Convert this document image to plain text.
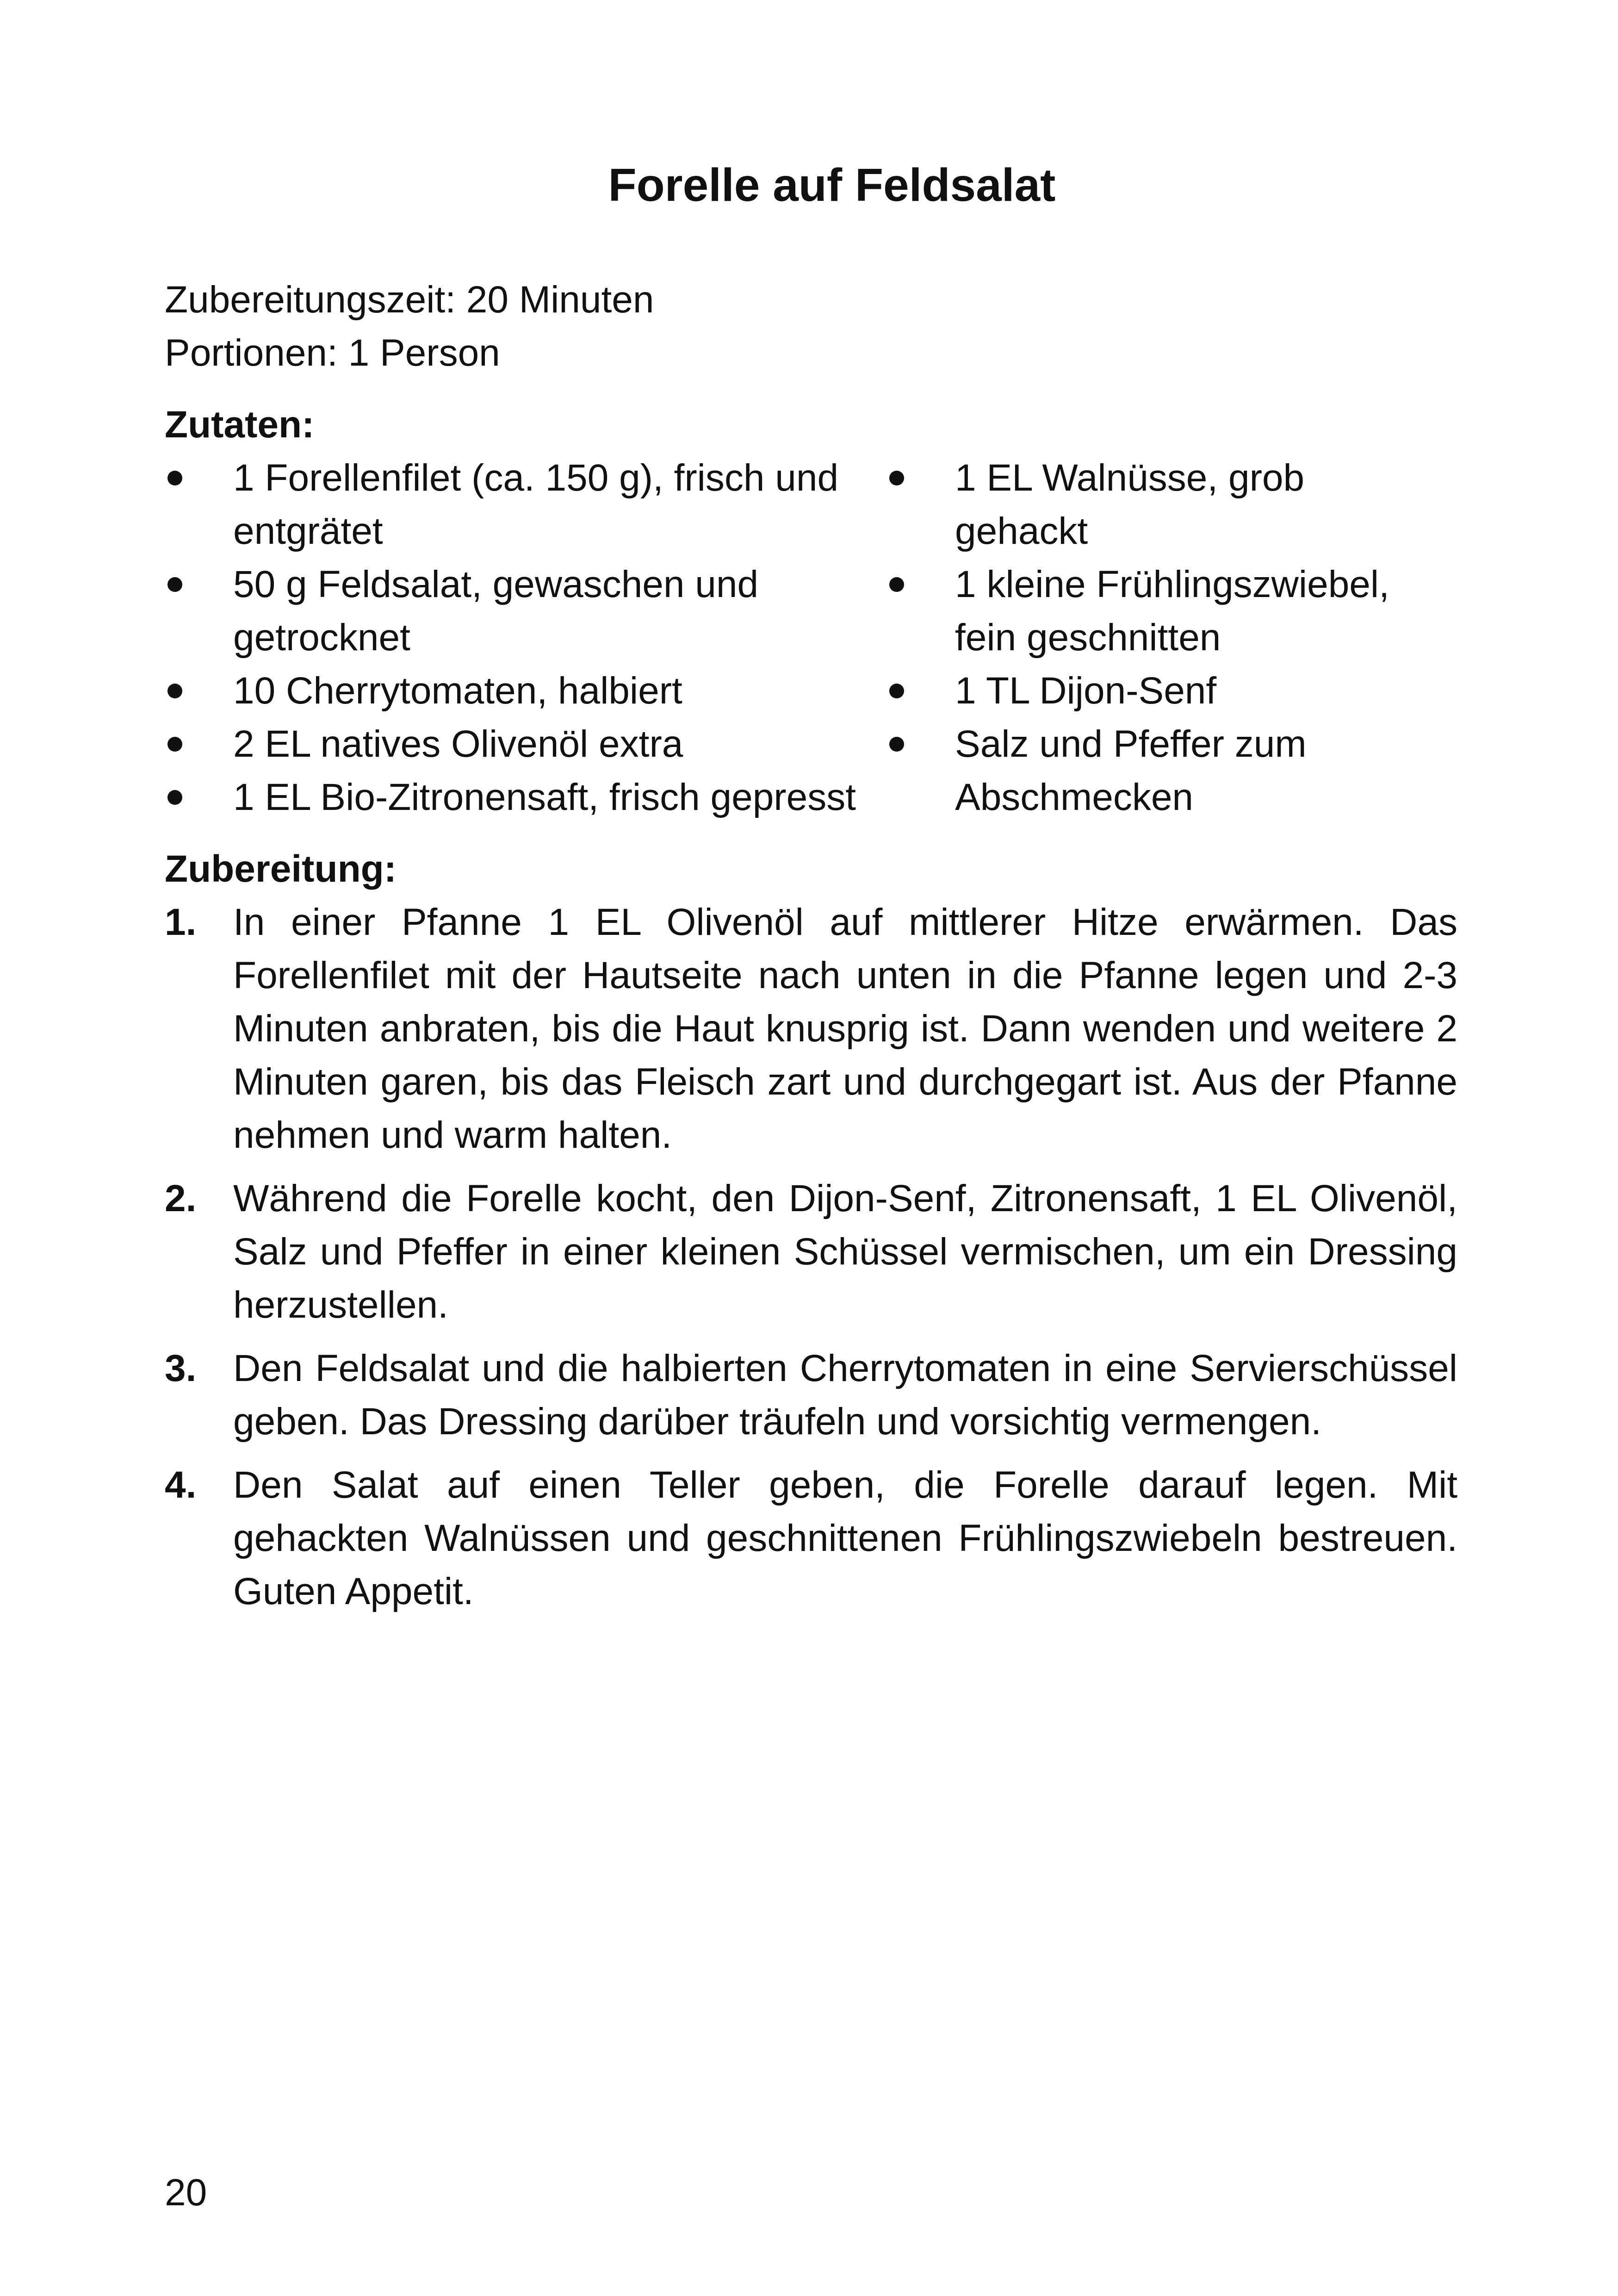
Forelle auf Feldsalat
Zubereitungszeit: 20 Minuten
Portionen: 1 Person
Zutaten:
1 Forellenfilet (ca. 150 g), frisch und entgrätet
50 g Feldsalat, gewaschen und getrocknet
10 Cherrytomaten, halbiert
2 EL natives Olivenöl extra
1 EL Bio-Zitronensaft, frisch gepresst
1 EL Walnüsse, grob gehackt
1 kleine Frühlingszwiebel, fein geschnitten
1 TL Dijon-Senf
Salz und Pfeffer zum Abschmecken
Zubereitung:
1. In einer Pfanne 1 EL Olivenöl auf mittlerer Hitze erwärmen. Das Forellenfilet mit der Hautseite nach unten in die Pfanne legen und 2-3 Minuten anbraten, bis die Haut knusprig ist. Dann wenden und weitere 2 Minuten garen, bis das Fleisch zart und durchgegart ist. Aus der Pfanne nehmen und warm halten.
2. Während die Forelle kocht, den Dijon-Senf, Zitronensaft, 1 EL Olivenöl, Salz und Pfeffer in einer kleinen Schüssel vermischen, um ein Dressing herzustellen.
3. Den Feldsalat und die halbierten Cherrytomaten in eine Servierschüssel geben. Das Dressing darüber träufeln und vorsichtig vermengen.
4. Den Salat auf einen Teller geben, die Forelle darauf legen. Mit gehackten Walnüssen und geschnittenen Frühlingszwiebeln bestreuen. Guten Appetit.
20
